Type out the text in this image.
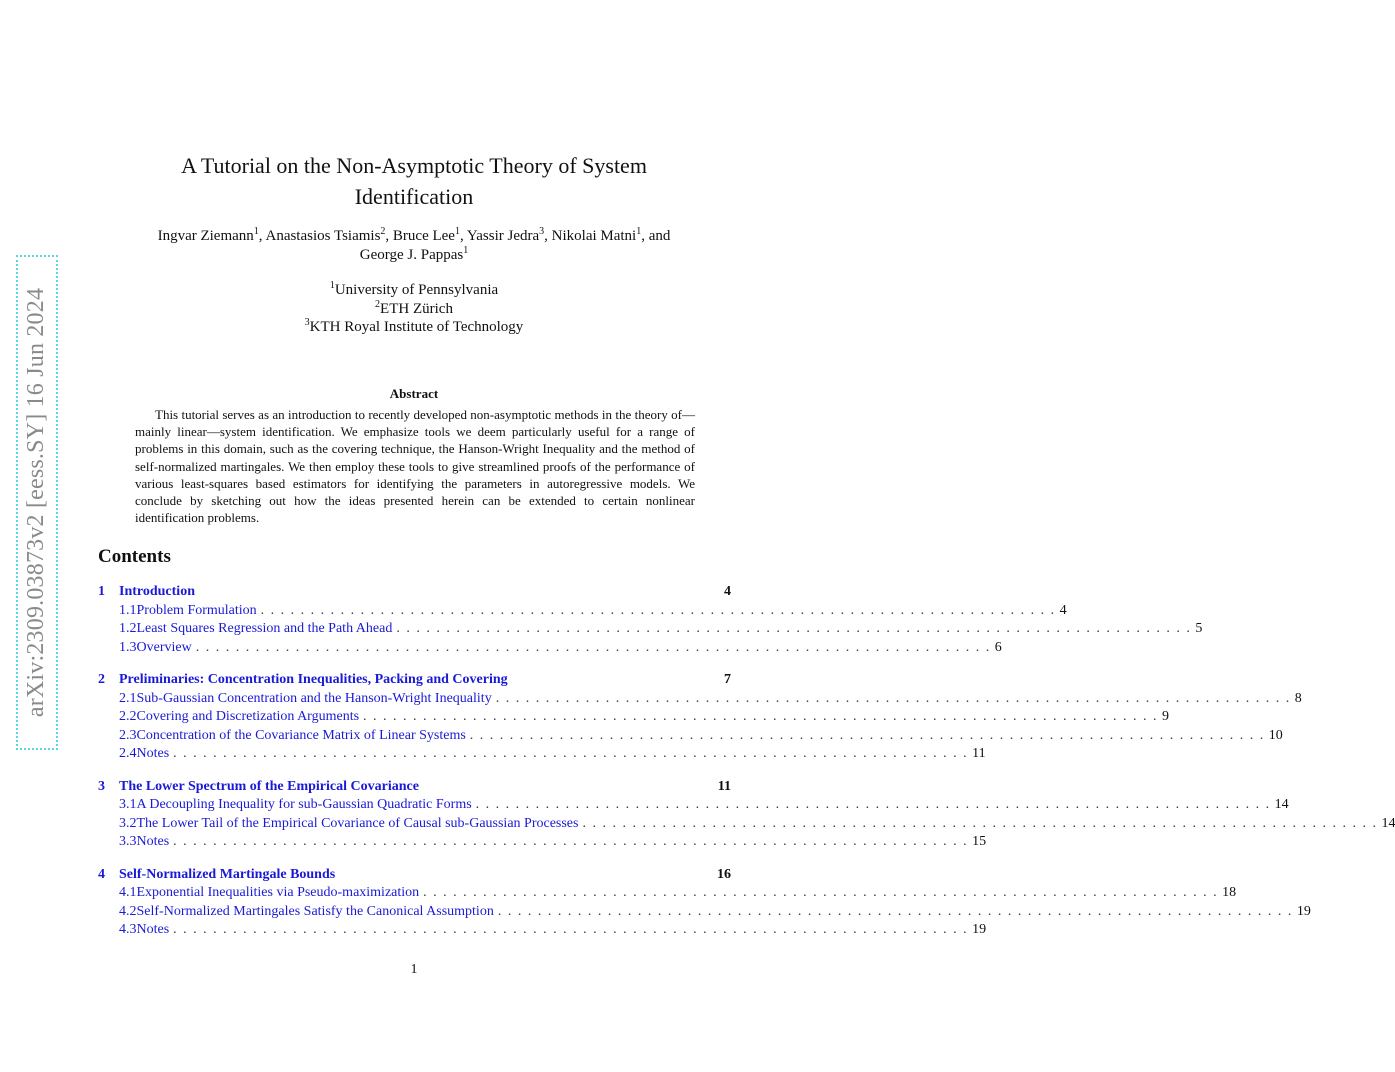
arXiv:2309.03873v2 [eess.SY] 16 Jun 2024
A Tutorial on the Non-Asymptotic Theory of System
Identification
Ingvar Ziemann$^1$, Anastasios Tsiamis$^2$, Bruce Lee$^1$, Yassir Jedra$^3$, Nikolai Matni$^1$, and
George J. Pappas$^1$
$^1$University of Pennsylvania
$^2$ETH Zürich
$^3$KTH Royal Institute of Technology
Abstract

This tutorial serves as an introduction to recently developed non-asymptotic methods in the theory of—mainly linear—system identification. We emphasize tools we deem particularly useful for a range of problems in this domain, such as the covering technique, the Hanson-Wright Inequality and the method of self-normalized martingales. We then employ these tools to give streamlined proofs of the performance of various least-squares based estimators for identifying the parameters in autoregressive models. We conclude by sketching out how the ideas presented herein can be extended to certain nonlinear identification problems.

Contents
1	Introduction	4
1.1 Problem Formulation . . . . . . . . . . . . . . . . . . . . . . . . . . . . . . . . . . . . . . . . . . . . . . . . . . . . . . . . . . . . . . . . . . . . . . . . . . . . . . . . 4
1.2 Least Squares Regression and the Path Ahead . . . . . . . . . . . . . . . . . . . . . . . . . . . . . . . . . . . . . . . . . . . . . . . . . . . . . . . . . . . . . . . . . . . . . . . . . . . . . . . . 5
1.3 Overview . . . . . . . . . . . . . . . . . . . . . . . . . . . . . . . . . . . . . . . . . . . . . . . . . . . . . . . . . . . . . . . . . . . . . . . . . . . . . . . . 6
2	Preliminaries: Concentration Inequalities, Packing and Covering	7
2.1 Sub-Gaussian Concentration and the Hanson-Wright Inequality . . . . . . . . . . . . . . . . . . . . . . . . . . . . . . . . . . . . . . . . . . . . . . . . . . . . . . . . . . . . . . . . . . . . . . . . . . . . . . . . 8
2.2 Covering and Discretization Arguments . . . . . . . . . . . . . . . . . . . . . . . . . . . . . . . . . . . . . . . . . . . . . . . . . . . . . . . . . . . . . . . . . . . . . . . . . . . . . . . . 9
2.3 Concentration of the Covariance Matrix of Linear Systems . . . . . . . . . . . . . . . . . . . . . . . . . . . . . . . . . . . . . . . . . . . . . . . . . . . . . . . . . . . . . . . . . . . . . . . . . . . . . . . . 10
2.4 Notes . . . . . . . . . . . . . . . . . . . . . . . . . . . . . . . . . . . . . . . . . . . . . . . . . . . . . . . . . . . . . . . . . . . . . . . . . . . . . . . . 11
3	The Lower Spectrum of the Empirical Covariance	11
3.1 A Decoupling Inequality for sub-Gaussian Quadratic Forms . . . . . . . . . . . . . . . . . . . . . . . . . . . . . . . . . . . . . . . . . . . . . . . . . . . . . . . . . . . . . . . . . . . . . . . . . . . . . . . . 14
3.2 The Lower Tail of the Empirical Covariance of Causal sub-Gaussian Processes . . . . . . . . . . . . . . . . . . . . . . . . . . . . . . . . . . . . . . . . . . . . . . . . . . . . . . . . . . . . . . . . . . . . . . . . . . . . . . . . 14
3.3 Notes . . . . . . . . . . . . . . . . . . . . . . . . . . . . . . . . . . . . . . . . . . . . . . . . . . . . . . . . . . . . . . . . . . . . . . . . . . . . . . . . 15
4	Self-Normalized Martingale Bounds	16
4.1 Exponential Inequalities via Pseudo-maximization . . . . . . . . . . . . . . . . . . . . . . . . . . . . . . . . . . . . . . . . . . . . . . . . . . . . . . . . . . . . . . . . . . . . . . . . . . . . . . . . 18
4.2 Self-Normalized Martingales Satisfy the Canonical Assumption . . . . . . . . . . . . . . . . . . . . . . . . . . . . . . . . . . . . . . . . . . . . . . . . . . . . . . . . . . . . . . . . . . . . . . . . . . . . . . . . 19
4.3 Notes . . . . . . . . . . . . . . . . . . . . . . . . . . . . . . . . . . . . . . . . . . . . . . . . . . . . . . . . . . . . . . . . . . . . . . . . . . . . . . . . 19
1
